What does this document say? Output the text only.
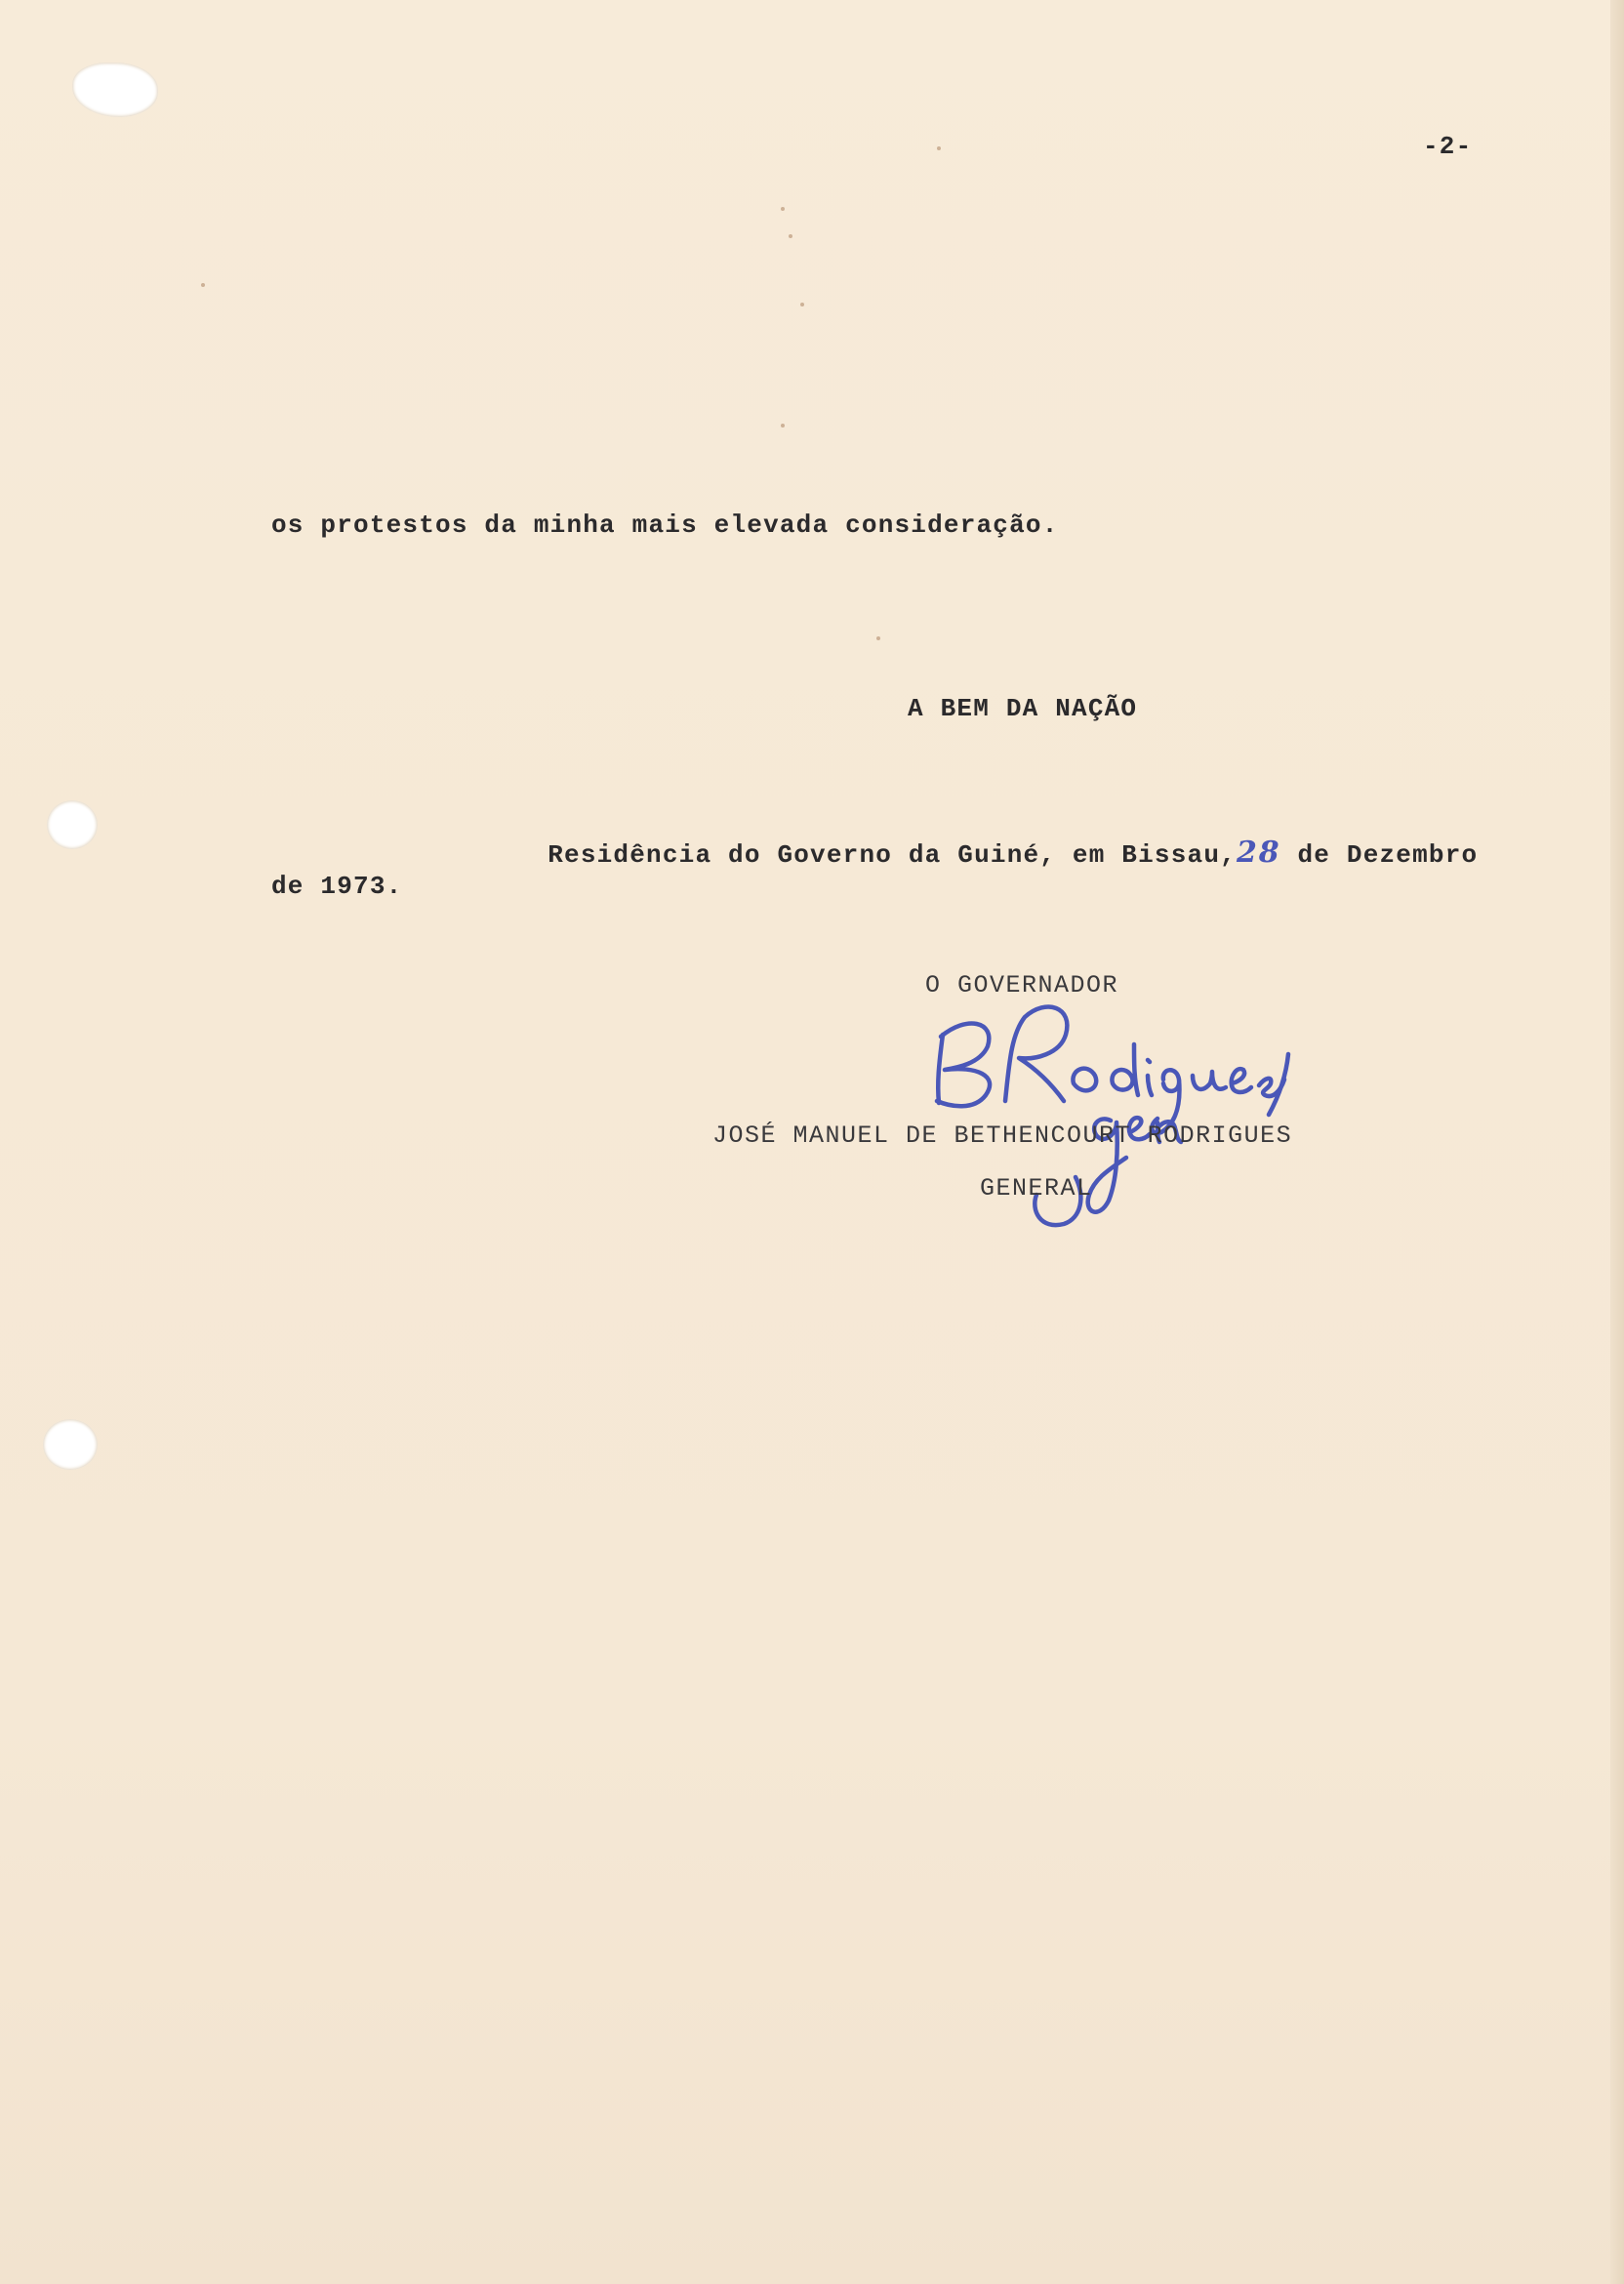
-2-
os protestos da minha mais elevada consideração.
A BEM DA NAÇÃO

Residência do Governo da Guiné, em Bissau,28 de Dezembro

de 1973.
O GOVERNADOR
JOSÉ MANUEL DE BETHENCOURT RODRIGUES
GENERAL
